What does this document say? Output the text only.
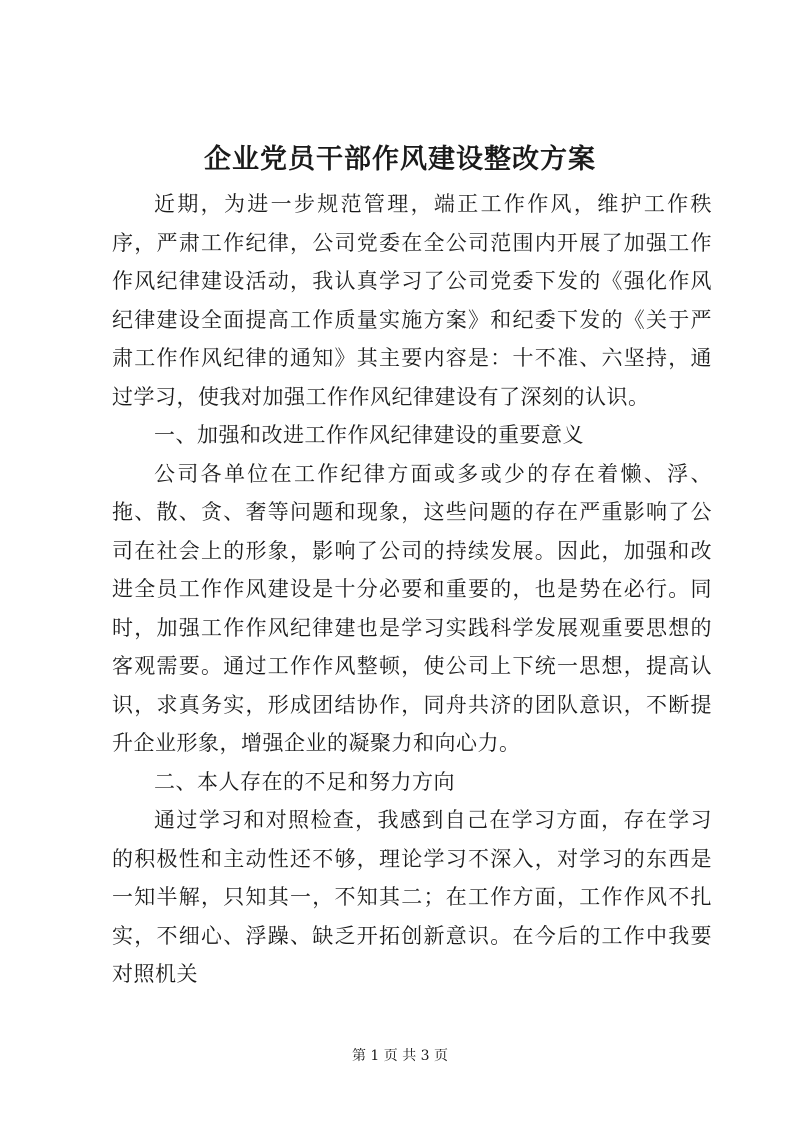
企业党员干部作风建设整改方案

近期，为进一步规范管理，端正工作作风，维护工作秩序，严肃工作纪律，公司党委在全公司范围内开展了加强工作作风纪律建设活动，我认真学习了公司党委下发的《强化作风纪律建设全面提高工作质量实施方案》和纪委下发的《关于严肃工作作风纪律的通知》其主要内容是：十不准、六坚持，通过学习，使我对加强工作作风纪律建设有了深刻的认识。

一、加强和改进工作作风纪律建设的重要意义

公司各单位在工作纪律方面或多或少的存在着懒、浮、拖、散、贪、奢等问题和现象，这些问题的存在严重影响了公司在社会上的形象，影响了公司的持续发展。因此，加强和改进全员工作作风建设是十分必要和重要的，也是势在必行。同时，加强工作作风纪律建也是学习实践科学发展观重要思想的客观需要。通过工作作风整顿，使公司上下统一思想，提高认识，求真务实，形成团结协作，同舟共济的团队意识，不断提升企业形象，增强企业的凝聚力和向心力。

二、本人存在的不足和努力方向

通过学习和对照检查，我感到自己在学习方面，存在学习的积极性和主动性还不够，理论学习不深入，对学习的东西是一知半解，只知其一，不知其二；在工作方面，工作作风不扎实，不细心、浮躁、缺乏开拓创新意识。在今后的工作中我要对照机关

第 1 页 共 3 页
